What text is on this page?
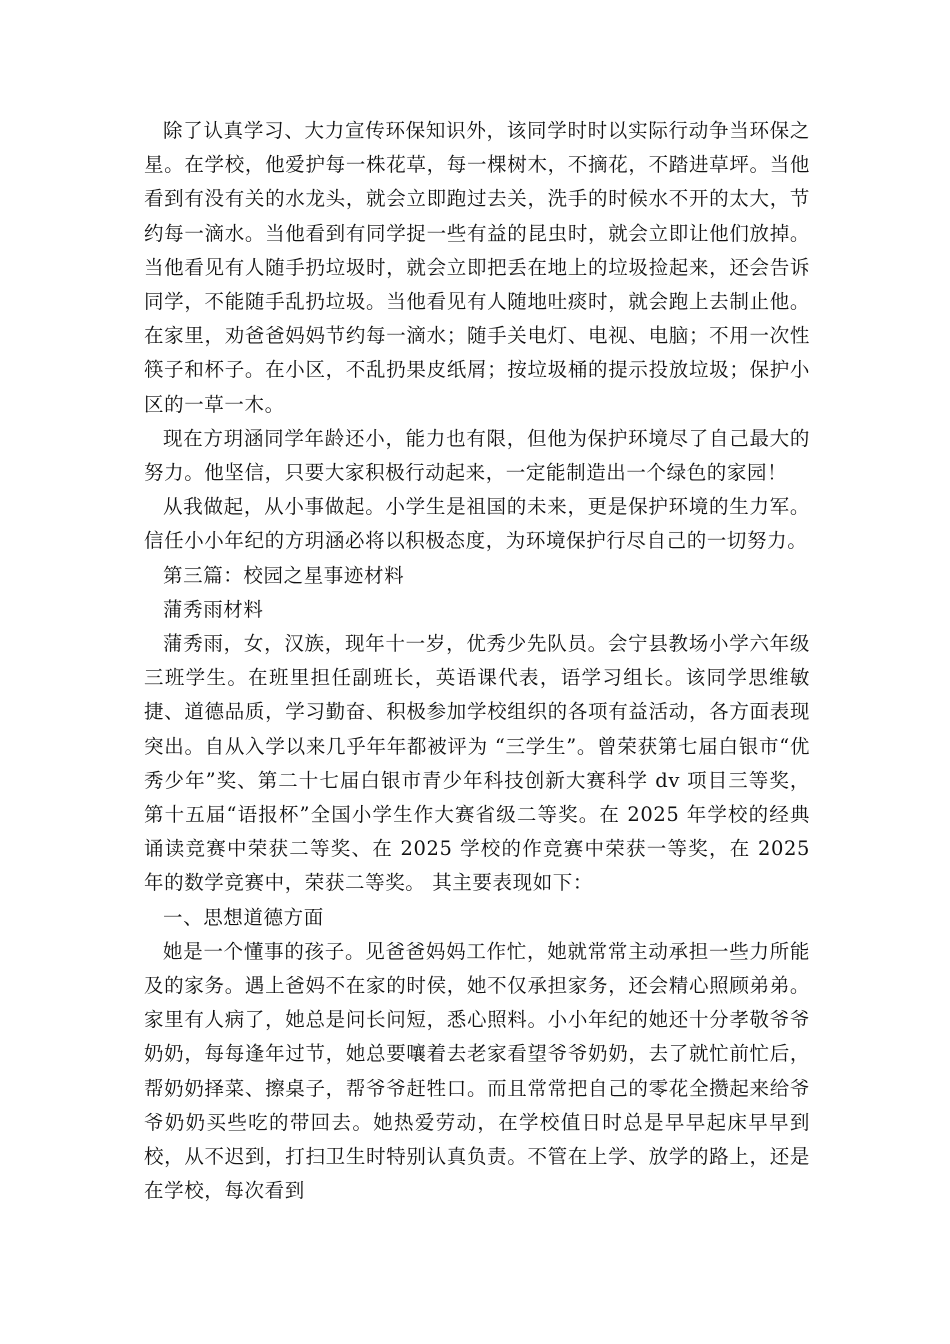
除了认真学习、大力宣传环保知识外，该同学时时以实际行动争当环保之星。在学校，他爱护每一株花草，每一棵树木，不摘花，不踏进草坪。当他看到有没有关的水龙头，就会立即跑过去关，洗手的时候水不开的太大，节约每一滴水。当他看到有同学捉一些有益的昆虫时，就会立即让他们放掉。当他看见有人随手扔垃圾时，就会立即把丢在地上的垃圾捡起来，还会告诉同学，不能随手乱扔垃圾。当他看见有人随地吐痰时，就会跑上去制止他。在家里，劝爸爸妈妈节约每一滴水；随手关电灯、电视、电脑；不用一次性筷子和杯子。在小区，不乱扔果皮纸屑；按垃圾桶的提示投放垃圾；保护小区的一草一木。

现在方玥涵同学年龄还小，能力也有限，但他为保护环境尽了自己最大的努力。他坚信，只要大家积极行动起来，一定能制造出一个绿色的家园！

从我做起，从小事做起。小学生是祖国的未来，更是保护环境的生力军。信任小小年纪的方玥涵必将以积极态度，为环境保护行尽自己的一切努力。

第三篇：校园之星事迹材料

蒲秀雨材料

蒲秀雨，女，汉族，现年十一岁，优秀少先队员。会宁县教场小学六年级三班学生。在班里担任副班长，英语课代表，语学习组长。该同学思维敏捷、道德品质，学习勤奋、积极参加学校组织的各项有益活动，各方面表现突出。自从入学以来几乎年年都被评为 “三学生”。曾荣获第七届白银市“优秀少年”奖、第二十七届白银市青少年科技创新大赛科学 dv 项目三等奖，第十五届“语报杯”全国小学生作大赛省级二等奖。在 2025 年学校的经典诵读竞赛中荣获二等奖、在 2025 学校的作竞赛中荣获一等奖，在 2025 年的数学竞赛中，荣获二等奖。 其主要表现如下：

一、思想道德方面

她是一个懂事的孩子。见爸爸妈妈工作忙，她就常常主动承担一些力所能及的家务。遇上爸妈不在家的时侯，她不仅承担家务，还会精心照顾弟弟。家里有人病了，她总是问长问短，悉心照料。小小年纪的她还十分孝敬爷爷奶奶，每每逢年过节，她总要嚷着去老家看望爷爷奶奶，去了就忙前忙后，帮奶奶择菜、擦桌子，帮爷爷赶牲口。而且常常把自己的零花全攒起来给爷爷奶奶买些吃的带回去。她热爱劳动，在学校值日时总是早早起床早早到校，从不迟到，打扫卫生时特别认真负责。不管在上学、放学的路上，还是在学校，每次看到
